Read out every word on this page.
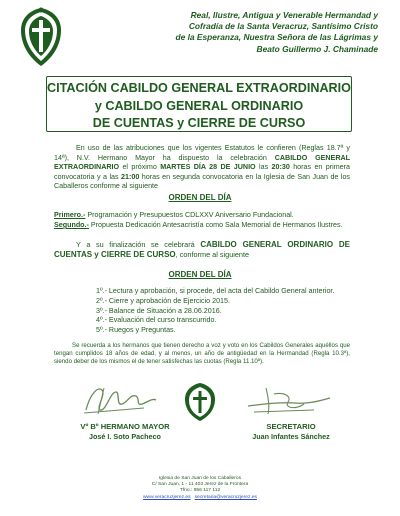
Real, Ilustre, Antigua y Venerable Hermandad y
Cofradía de la Santa Veracruz, Santísimo Cristo
de la Esperanza, Nuestra Señora de las Lágrimas y
Beato Guillermo J. Chaminade
CITACIÓN CABILDO GENERAL EXTRAORDINARIO
y CABILDO GENERAL ORDINARIO
DE CUENTAS y CIERRE DE CURSO
En uso de las atribuciones que los vigentes Estatutos le confieren (Reglas 18.7ª y 14ª), N.V. Hermano Mayor ha dispuesto la celebración CABILDO GENERAL EXTRAORDINARIO el próximo MARTES DÍA 28 DE JUNIO las 20:30 horas en primera convocatoria y a las 21:00 horas en segunda convocatoria en la Iglesia de San Juan de los Caballeros conforme al siguiente
ORDEN DEL DÍA
Primero.- Programación y Presupuestos CDLXXV Aniversario Fundacional.
Segundo.- Propuesta Dedicación Antesacristía como Sala Memorial de Hermanos Ilustres.
Y a su finalización se celebrará CABILDO GENERAL ORDINARIO DE CUENTAS y CIERRE DE CURSO, conforme al siguiente
ORDEN DEL DÍA
1º.- Lectura y aprobación, si procede, del acta del Cabildo General anterior.
2º.- Cierre y aprobación de Ejercicio 2015.
3º.- Balance de Situación a 28.06.2016.
4º.- Evaluación del curso transcurrido.
5º.- Ruegos y Preguntas.
Se recuerda a los hermanos que tienen derecho a voz y voto en los Cabildos Generales aquéllos que tengan cumplidos 18 años de edad, y al menos, un año de antigüedad en la Hermandad (Regla 10.3ª), siendo deber de los mismos el de tener satisfechas las cuotas (Regla 11.10ª).
Vº Bº HERMANO MAYOR
José I. Soto Pacheco
SECRETARIO
Juan Infantes Sánchez
Iglesia de San Juan de los Caballeros
C/ San Juan, 1 - 11 403 Jerez de la Frontera
Tfno.: 956 117 112
www.veracruzjerez.es secretaria@veracruzjerez.es
